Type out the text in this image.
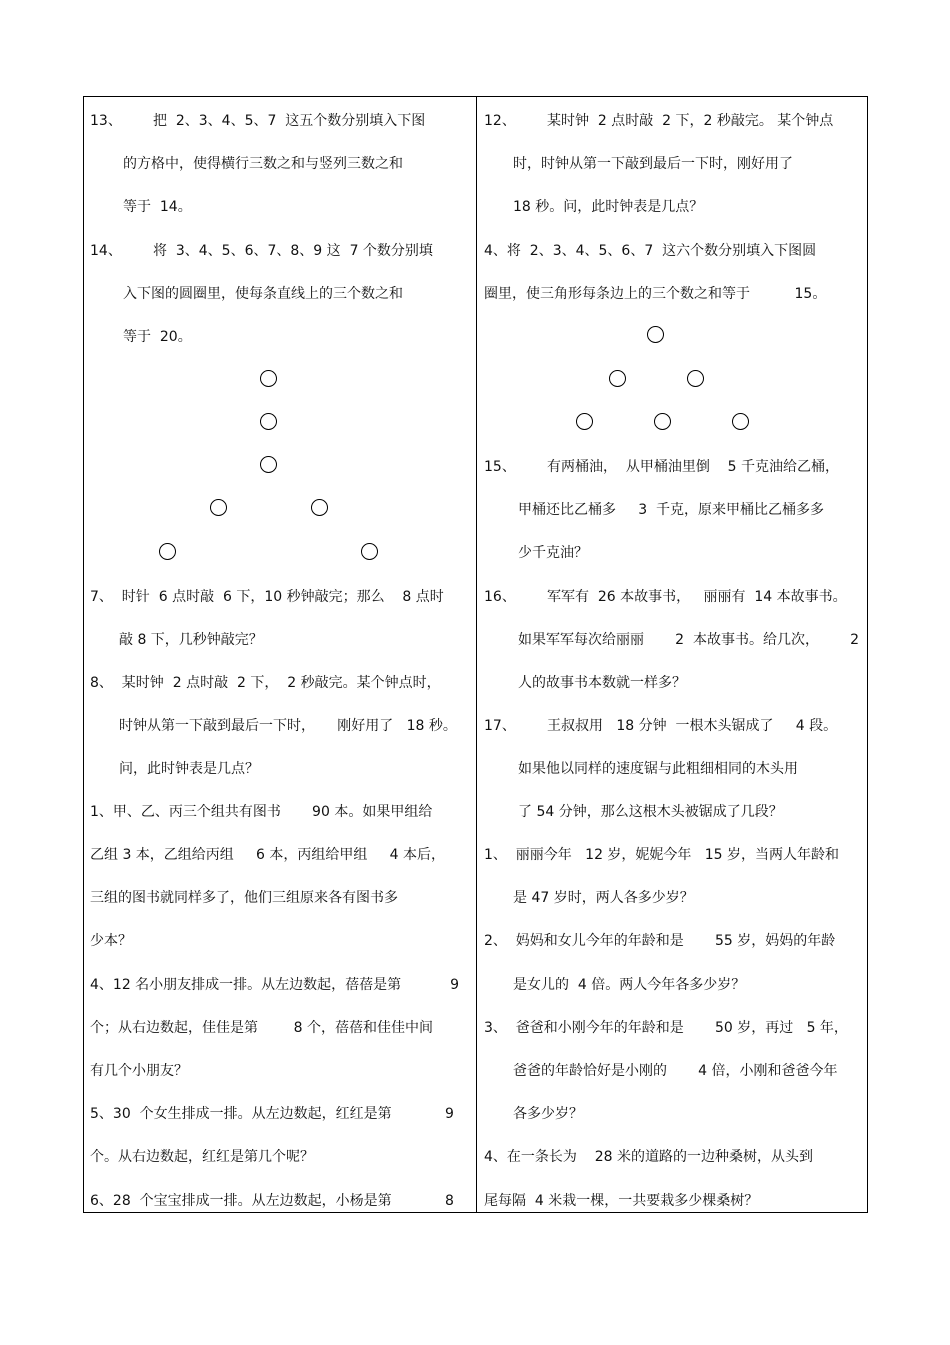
13、       把  2、3、4、5、7  这五个数分别填入下图
的方格中，使得横行三数之和与竖列三数之和
等于  14。
14、       将  3、4、5、6、7、8、9 这  7 个数分别填
入下图的圆圈里，使每条直线上的三个数之和
等于  20。
7、  时针  6 点时敲  6 下，10 秒钟敲完；那么    8 点时
敲 8 下，几秒钟敲完？
8、  某时钟  2 点时敲  2 下，  2 秒敲完。某个钟点时，
时钟从第一下敲到最后一下时，     刚好用了   18 秒。
问，此时钟表是几点？
1、甲、乙、丙三个组共有图书       90 本。如果甲组给
乙组 3 本，乙组给丙组     6 本，丙组给甲组     4 本后，
三组的图书就同样多了，他们三组原来各有图书多
少本？
4、12 名小朋友排成一排。从左边数起，蓓蓓是第           9
个；从右边数起，佳佳是第        8 个，蓓蓓和佳佳中间
有几个小朋友？
5、30  个女生排成一排。从左边数起，红红是第            9
个。从右边数起，红红是第几个呢？
6、28  个宝宝排成一排。从左边数起，小杨是第            8
12、       某时钟  2 点时敲  2 下，2 秒敲完。 某个钟点
时，时钟从第一下敲到最后一下时，刚好用了
18 秒。问，此时钟表是几点？
4、将  2、3、4、5、6、7  这六个数分别填入下图圆
圈里，使三角形每条边上的三个数之和等于          15。
15、       有两桶油，  从甲桶油里倒    5 千克油给乙桶，
甲桶还比乙桶多     3  千克，原来甲桶比乙桶多多
少千克油？
16、       军军有  26 本故事书，   丽丽有  14 本故事书。
如果军军每次给丽丽       2  本故事书。给几次，       2
人的故事书本数就一样多？
17、       王叔叔用   18 分钟  一根木头锯成了     4 段。
如果他以同样的速度锯与此粗细相同的木头用
了 54 分钟，那么这根木头被锯成了几段？
1、  丽丽今年   12 岁，妮妮今年   15 岁，当两人年龄和
是 47 岁时，两人各多少岁？
2、  妈妈和女儿今年的年龄和是       55 岁，妈妈的年龄
是女儿的  4 倍。两人今年各多少岁？
3、  爸爸和小刚今年的年龄和是       50 岁，再过   5 年，
爸爸的年龄恰好是小刚的       4 倍，小刚和爸爸今年
各多少岁？
4、在一条长为    28 米的道路的一边种桑树，从头到
尾每隔  4 米栽一棵，一共要栽多少棵桑树？
